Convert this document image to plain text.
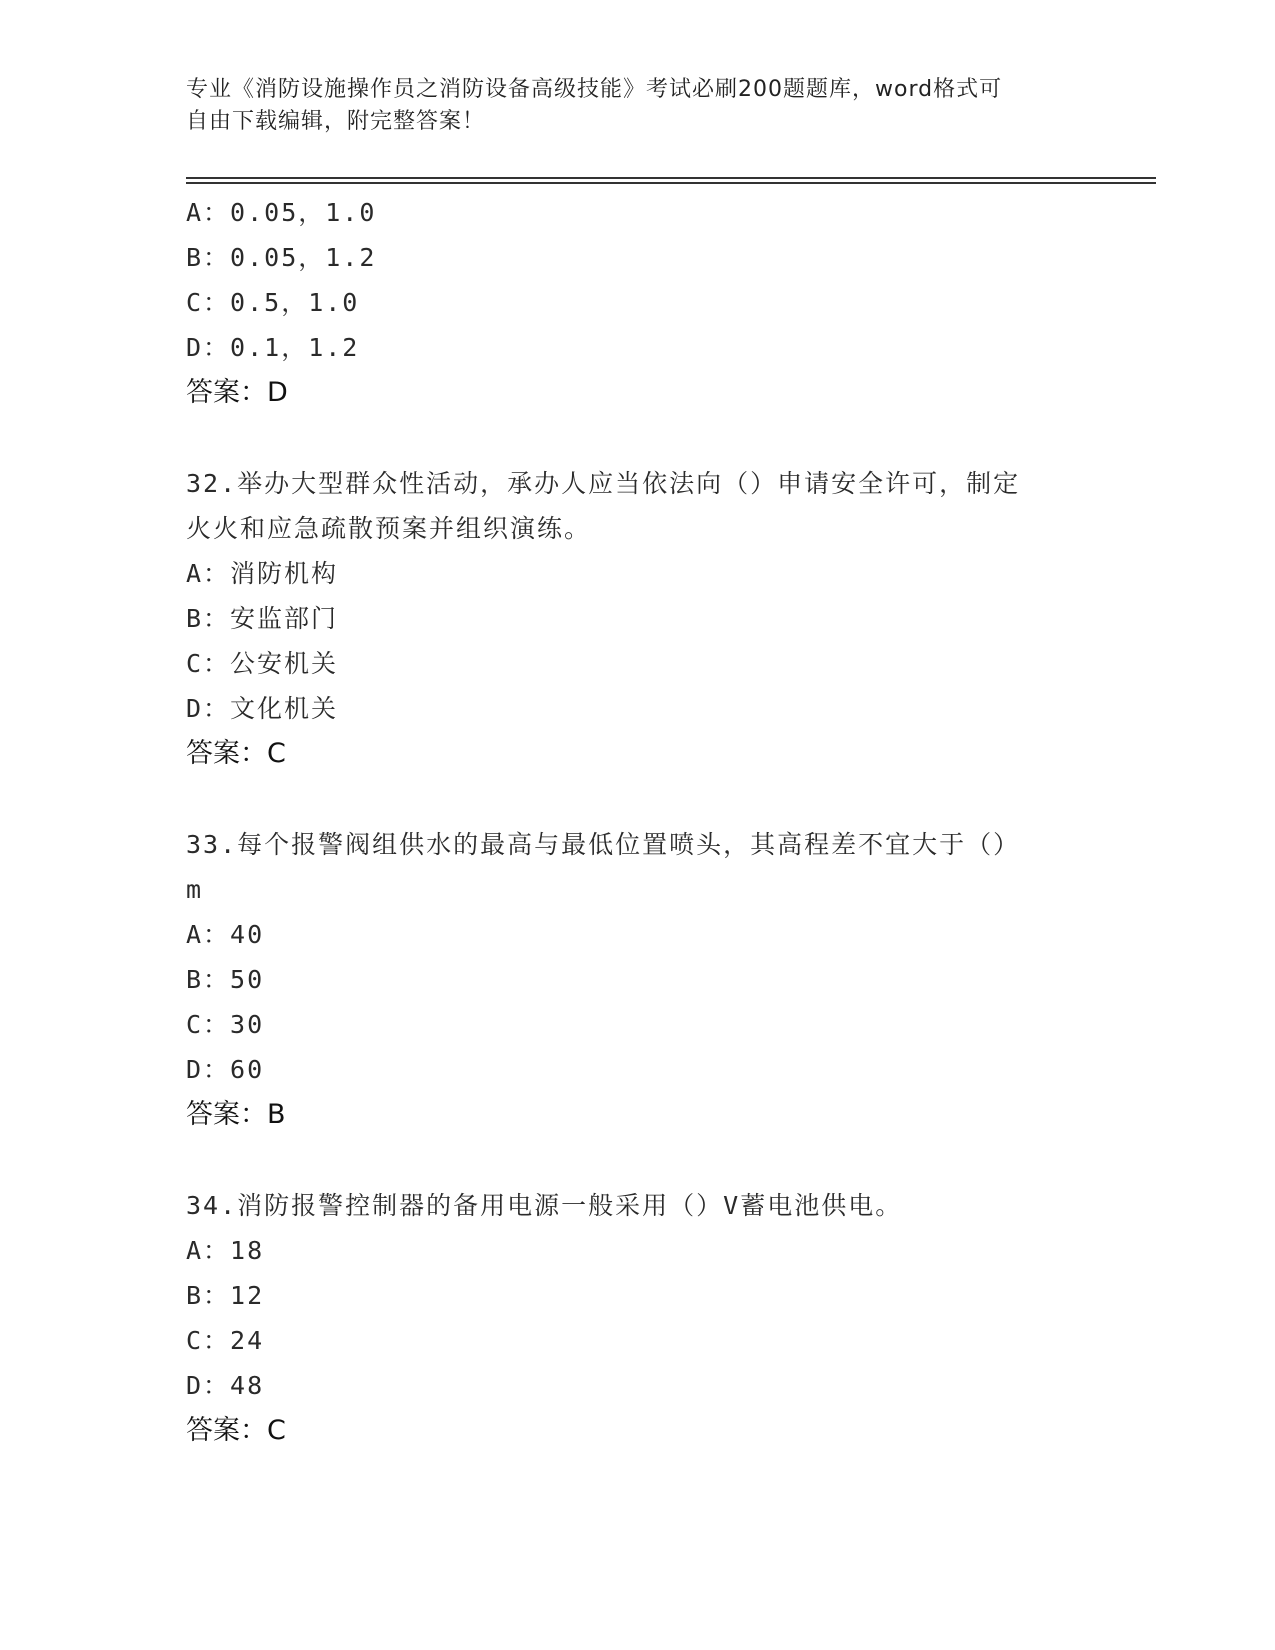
专业《消防设施操作员之消防设备高级技能》考试必刷200题题库，word格式可
自由下载编辑，附完整答案！
A：0.05，1.0
B：0.05，1.2
C：0.5，1.0
D：0.1，1.2
答案：D
32.举办大型群众性活动，承办人应当依法向（）申请安全许可，制定
火火和应急疏散预案并组织演练。
A：消防机构
B：安监部门
C：公安机关
D：文化机关
答案：C
33.每个报警阀组供水的最高与最低位置喷头，其高程差不宜大于（）
m
A：40
B：50
C：30
D：60
答案：B
34.消防报警控制器的备用电源一般采用（）V蓄电池供电。
A：18
B：12
C：24
D：48
答案：C
